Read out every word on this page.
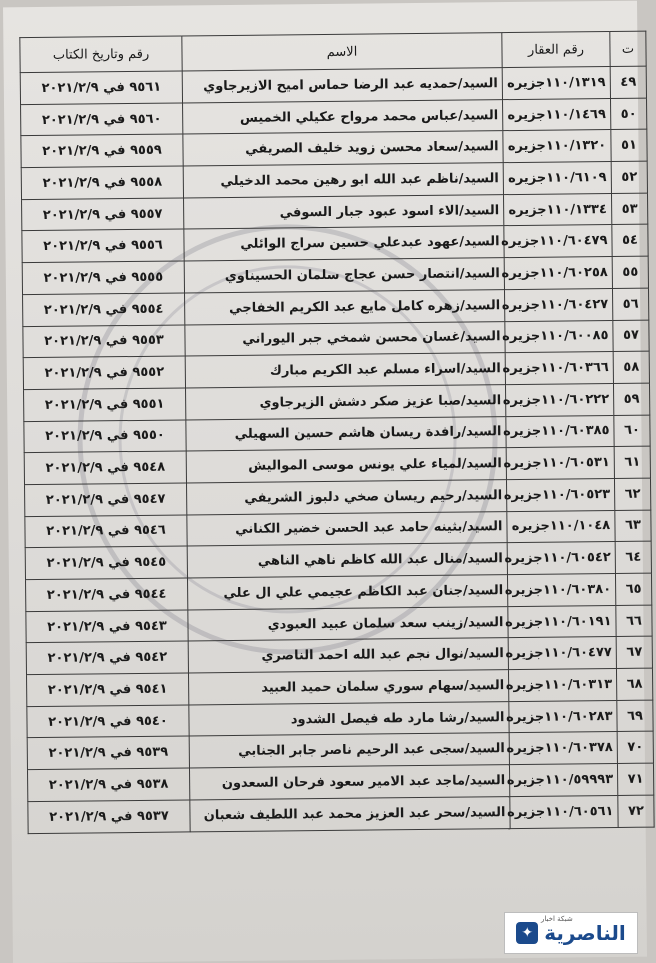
ت	رقم العقار	الاسم	رقم وتاريخ الكتاب
٤٩	١١٠/١٣١٩جزيره	السيد/حمديه عبد الرضا حماس اميح الازيرجاوي	٩٥٦١ في ٢٠٢١/٢/٩
٥٠	١١٠/١٤٦٩جزيره	السيد/عباس محمد مرواح عكيلي الخميس	٩٥٦٠ في ٢٠٢١/٢/٩
٥١	١١٠/١٣٢٠جزيره	السيد/سعاد محسن زويد خليف الصريفي	٩٥٥٩ في ٢٠٢١/٢/٩
٥٢	١١٠/٦١٠٩جزيره	السيد/ناظم عبد الله ابو رهين محمد الدخيلي	٩٥٥٨ في ٢٠٢١/٢/٩
٥٣	١١٠/١٣٣٤جزيره	السيد/الاء اسود عبود جبار السوفي	٩٥٥٧ في ٢٠٢١/٢/٩
٥٤	١١٠/٦٠٤٧٩جزيره	السيد/عهود عبدعلي حسين سراج الوائلي	٩٥٥٦ في ٢٠٢١/٢/٩
٥٥	١١٠/٦٠٢٥٨جزيره	السيد/انتصار حسن عجاج سلمان الحسيناوي	٩٥٥٥ في ٢٠٢١/٢/٩
٥٦	١١٠/٦٠٤٢٧جزيره	السيد/زهره كامل مايع عبد الكريم الخفاجي	٩٥٥٤ في ٢٠٢١/٢/٩
٥٧	١١٠/٦٠٠٨٥جزيره	السيد/غسان محسن شمخي جبر اليوراني	٩٥٥٣ في ٢٠٢١/٢/٩
٥٨	١١٠/٦٠٣٦٦جزيره	السيد/اسراء مسلم عبد الكريم مبارك	٩٥٥٢ في ٢٠٢١/٢/٩
٥٩	١١٠/٦٠٢٢٢جزيره	السيد/صبا عزيز صكر دشش الزيرجاوي	٩٥٥١ في ٢٠٢١/٢/٩
٦٠	١١٠/٦٠٣٨٥جزيره	السيد/رافدة ريسان هاشم حسين السهيلي	٩٥٥٠ في ٢٠٢١/٢/٩
٦١	١١٠/٦٠٥٣١جزيره	السيد/لمياء علي يونس موسى المواليش	٩٥٤٨ في ٢٠٢١/٢/٩
٦٢	١١٠/٦٠٥٢٣جزيره	السيد/رحيم ريسان صخي دلبوز الشريفي	٩٥٤٧ في ٢٠٢١/٢/٩
٦٣	١١٠/١٠٤٨جزيره	السيد/بثينه حامد عبد الحسن خضير الكناني	٩٥٤٦ في ٢٠٢١/٢/٩
٦٤	١١٠/٦٠٥٤٢جزيره	السيد/منال عبد الله كاظم ناهي الناهي	٩٥٤٥ في ٢٠٢١/٢/٩
٦٥	١١٠/٦٠٣٨٠جزيره	السيد/جنان عبد الكاظم عجيمي علي ال علي	٩٥٤٤ في ٢٠٢١/٢/٩
٦٦	١١٠/٦٠١٩١جزيره	السيد/زينب سعد سلمان عبيد العبودي	٩٥٤٣ في ٢٠٢١/٢/٩
٦٧	١١٠/٦٠٤٧٧جزيره	السيد/نوال نجم عبد الله احمد الناصري	٩٥٤٢ في ٢٠٢١/٢/٩
٦٨	١١٠/٦٠٣١٣جزيره	السيد/سهام سوري سلمان حميد العبيد	٩٥٤١ في ٢٠٢١/٢/٩
٦٩	١١٠/٦٠٢٨٣جزيره	السيد/رشا مارد طه فيصل الشدود	٩٥٤٠ في ٢٠٢١/٢/٩
٧٠	١١٠/٦٠٣٧٨جزيره	السيد/سجى عبد الرحيم ناصر جابر الجنابي	٩٥٣٩ في ٢٠٢١/٢/٩
٧١	١١٠/٥٩٩٩٣جزيره	السيد/ماجد عبد الامير سعود فرحان السعدون	٩٥٣٨ في ٢٠٢١/٢/٩
٧٢	١١٠/٦٠٥٦١جزيره	السيد/سحر عبد العزيز محمد عبد اللطيف شعبان	٩٥٣٧ في ٢٠٢١/٢/٩
شبكة اخبار
الناصرية
✦
